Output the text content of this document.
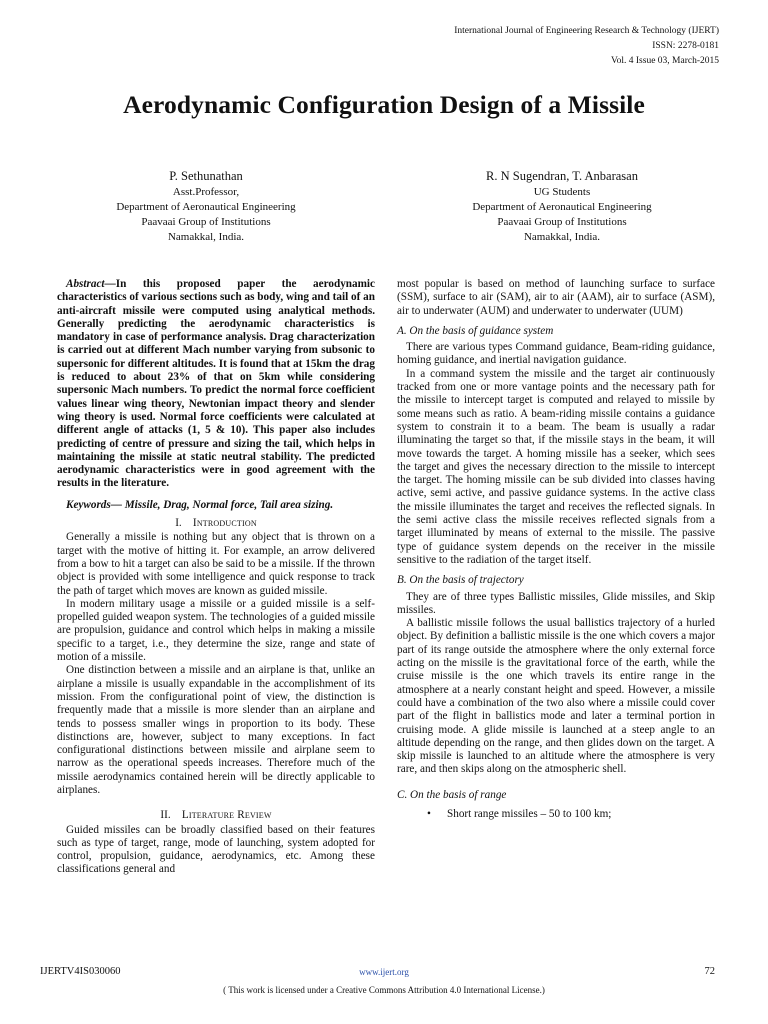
International Journal of Engineering Research & Technology (IJERT)
ISSN: 2278-0181
Vol. 4 Issue 03, March-2015
Aerodynamic Configuration Design of a Missile
P. Sethunathan
Asst.Professor,
Department of Aeronautical Engineering
Paavaai Group of Institutions
Namakkal, India.
R. N Sugendran, T. Anbarasan
UG Students
Department of Aeronautical Engineering
Paavaai Group of Institutions
Namakkal, India.

Abstract—In this proposed paper the aerodynamic characteristics of various sections such as body, wing and tail of an anti-aircraft missile were computed using analytical methods. Generally predicting the aerodynamic characteristics is mandatory in case of performance analysis. Drag characterization is carried out at different Mach number varying from subsonic to supersonic for different altitudes. It is found that at 15km the drag is reduced to about 23% of that on 5km while considering supersonic Mach numbers. To predict the normal force coefficient values linear wing theory, Newtonian impact theory and slender wing theory is used. Normal force coefficients were calculated at different angle of attacks (1, 5 & 10). This paper also includes predicting of centre of pressure and sizing the tail, which helps in maintaining the missile at static neutral stability. The predicted aerodynamic characteristics were in good agreement with the results in the literature.

Keywords— Missile, Drag, Normal force, Tail area sizing.

I. Introduction

Generally a missile is nothing but any object that is thrown on a target with the motive of hitting it. For example, an arrow delivered from a bow to hit a target can also be said to be a missile. If the thrown object is provided with some intelligence and quick response to track the path of target which moves are known as guided missile.

In modern military usage a missile or a guided missile is a self-propelled guided weapon system. The technologies of a guided missile are propulsion, guidance and control which helps in making a missile specific to a target, i.e., they determine the size, range and state of motion of a missile.

One distinction between a missile and an airplane is that, unlike an airplane a missile is usually expandable in the accomplishment of its mission. From the configurational point of view, the distinction is frequently made that a missile is more slender than an airplane and tends to possess smaller wings in proportion to its body. These distinctions are, however, subject to many exceptions. In fact configurational distinctions between missile and airplane seem to narrow as the operational speeds increases. Therefore much of the missile aerodynamics contained herein will be directly applicable to airplanes.

II. Literature Review

Guided missiles can be broadly classified based on their features such as type of target, range, mode of launching, system adopted for control, propulsion, guidance, aerodynamics, etc. Among these classifications general and

most popular is based on method of launching surface to surface (SSM), surface to air (SAM), air to air (AAM), air to surface (ASM), air to underwater (AUM) and underwater to underwater (UUM)

A. On the basis of guidance system

There are various types Command guidance, Beam-riding guidance, homing guidance, and inertial navigation guidance.

In a command system the missile and the target air continuously tracked from one or more vantage points and the necessary path for the missile to intercept target is computed and relayed to missile by some means such as ratio. A beam-riding missile contains a guidance system to constrain it to a beam. The beam is usually a radar illuminating the target so that, if the missile stays in the beam, it will move towards the target. A homing missile has a seeker, which sees the target and gives the necessary direction to the missile to intercept the target. The homing missile can be sub divided into classes having active, semi active, and passive guidance systems. In the active class the missile illuminates the target and receives the reflected signals. In the semi active class the missile receives reflected signals from a target illuminated by means of external to the missile. The passive type of guidance system depends on the receiver in the missile sensitive to the radiation of the target itself.

B. On the basis of trajectory

They are of three types Ballistic missiles, Glide missiles, and Skip missiles.

A ballistic missile follows the usual ballistics trajectory of a hurled object. By definition a ballistic missile is the one which covers a major part of its range outside the atmosphere where the only external force acting on the missile is the gravitational force of the earth, while the cruise missile is the one which travels its entire range in the atmosphere at a nearly constant height and speed. However, a missile could have a combination of the two also where a missile could cover part of the flight in ballistics mode and later a terminal portion in cruising mode. A glide missile is launched at a steep angle to an altitude depending on the range, and then glides down on the target. A skip missile is launched to an altitude where the atmosphere is very rare, and then skips along on the atmospheric shell.

C. On the basis of range

•	Short range missiles – 50 to 100 km;
IJERTV4IS030060	www.ijert.org	72
( This work is licensed under a Creative Commons Attribution 4.0 International License.)
